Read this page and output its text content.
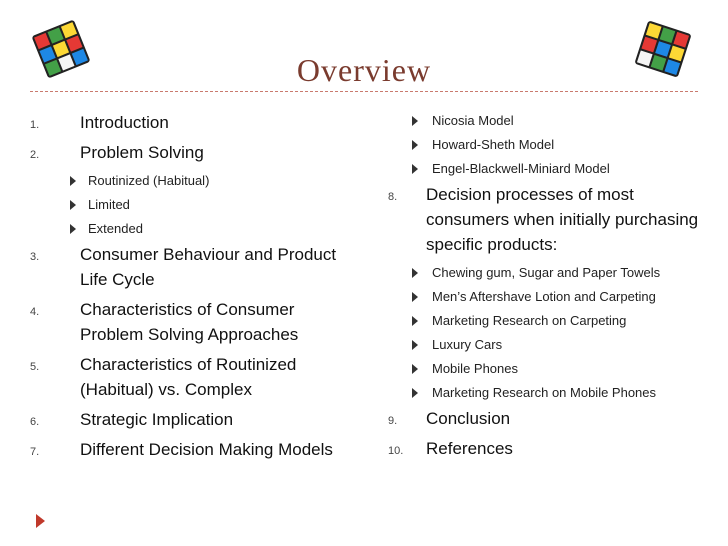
Overview
1. Introduction
2. Problem Solving
Routinized (Habitual)
Limited
Extended
3. Consumer Behaviour and Product Life Cycle
4. Characteristics of Consumer Problem Solving Approaches
5. Characteristics of Routinized (Habitual) vs. Complex
6. Strategic Implication
7. Different Decision Making Models
Nicosia Model
Howard-Sheth Model
Engel-Blackwell-Miniard Model
8. Decision processes of most consumers when initially purchasing specific products:
Chewing gum, Sugar and Paper Towels
Men’s Aftershave Lotion and Carpeting
Marketing Research on Carpeting
Luxury Cars
Mobile Phones
Marketing Research on Mobile Phones
9. Conclusion
10. References
